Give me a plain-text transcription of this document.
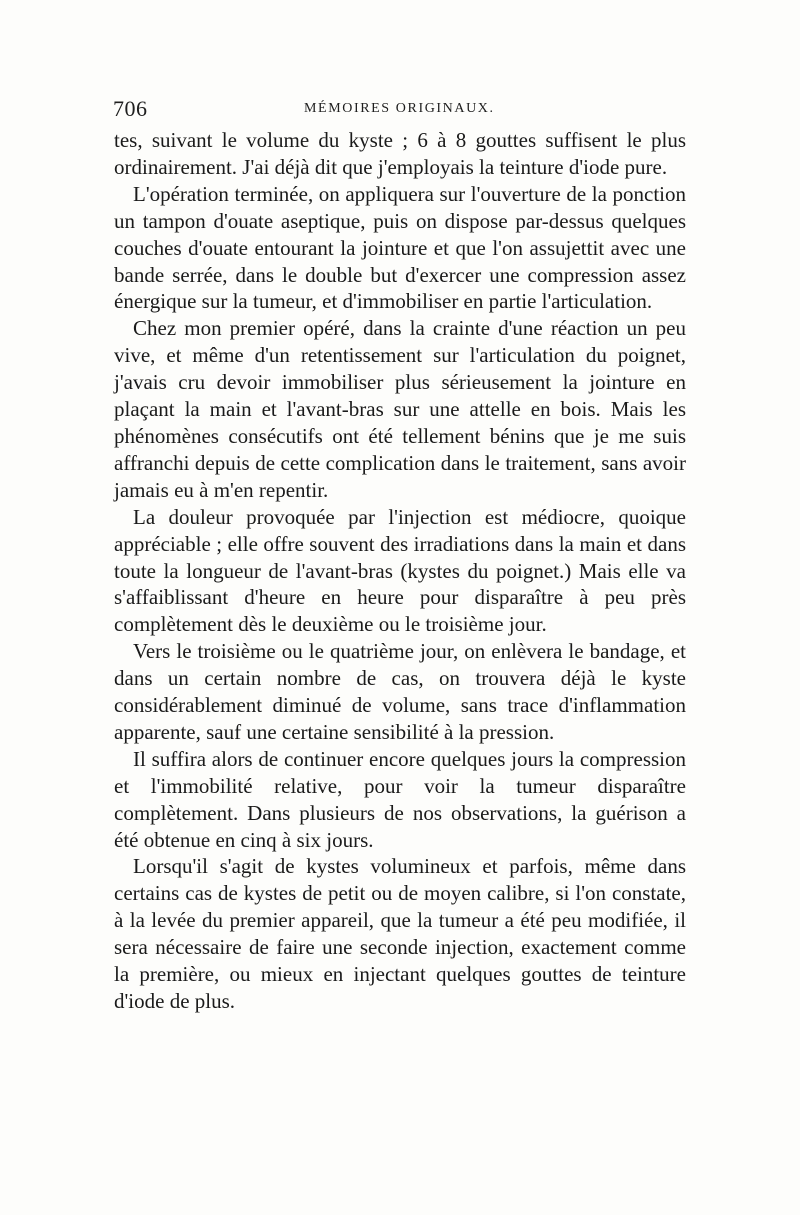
706	MÉMOIRES ORIGINAUX.

tes, suivant le volume du kyste ; 6 à 8 gouttes suffisent le plus ordinairement. J'ai déjà dit que j'employais la teinture d'iode pure.

L'opération terminée, on appliquera sur l'ouverture de la ponction un tampon d'ouate aseptique, puis on dispose par-dessus quelques couches d'ouate entourant la jointure et que l'on assujettit avec une bande serrée, dans le double but d'exercer une compression assez énergique sur la tumeur, et d'immobiliser en partie l'articulation.

Chez mon premier opéré, dans la crainte d'une réaction un peu vive, et même d'un retentissement sur l'articulation du poignet, j'avais cru devoir immobiliser plus sérieusement la jointure en plaçant la main et l'avant-bras sur une attelle en bois. Mais les phénomènes consécutifs ont été tellement bénins que je me suis affranchi depuis de cette complication dans le traitement, sans avoir jamais eu à m'en repentir.

La douleur provoquée par l'injection est médiocre, quoique appréciable ; elle offre souvent des irradiations dans la main et dans toute la longueur de l'avant-bras (kystes du poignet.) Mais elle va s'affaiblissant d'heure en heure pour disparaître à peu près complètement dès le deuxième ou le troisième jour.

Vers le troisième ou le quatrième jour, on enlèvera le bandage, et dans un certain nombre de cas, on trouvera déjà le kyste considérablement diminué de volume, sans trace d'inflammation apparente, sauf une certaine sensibilité à la pression.

Il suffira alors de continuer encore quelques jours la compression et l'immobilité relative, pour voir la tumeur disparaître complètement. Dans plusieurs de nos observations, la guérison a été obtenue en cinq à six jours.

Lorsqu'il s'agit de kystes volumineux et parfois, même dans certains cas de kystes de petit ou de moyen calibre, si l'on constate, à la levée du premier appareil, que la tumeur a été peu modifiée, il sera nécessaire de faire une seconde injection, exactement comme la première, ou mieux en injectant quelques gouttes de teinture d'iode de plus.
